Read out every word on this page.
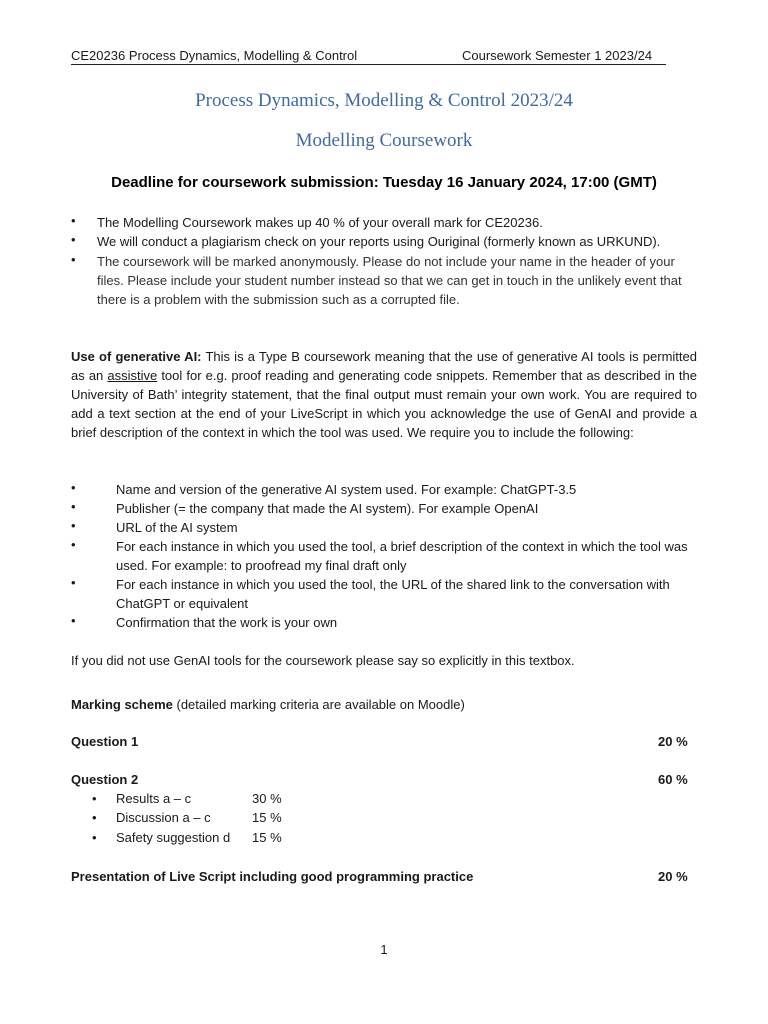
CE20236 Process Dynamics, Modelling & Control	Coursework Semester 1 2023/24
Process Dynamics, Modelling & Control 2023/24
Modelling Coursework
Deadline for coursework submission: Tuesday 16 January 2024, 17:00 (GMT)
• The Modelling Coursework makes up 40 % of your overall mark for CE20236.
• We will conduct a plagiarism check on your reports using Ouriginal (formerly known as URKUND).
• The coursework will be marked anonymously. Please do not include your name in the header of your files. Please include your student number instead so that we can get in touch in the unlikely event that there is a problem with the submission such as a corrupted file.
Use of generative AI: This is a Type B coursework meaning that the use of generative AI tools is permitted as an assistive tool for e.g. proof reading and generating code snippets. Remember that as described in the University of Bath’ integrity statement, that the final output must remain your own work. You are required to add a text section at the end of your LiveScript in which you acknowledge the use of GenAI and provide a brief description of the context in which the tool was used. We require you to include the following:
•	Name and version of the generative AI system used. For example: ChatGPT-3.5
•	Publisher (= the company that made the AI system). For example OpenAI
•	URL of the AI system
•	For each instance in which you used the tool, a brief description of the context in which the tool was used. For example: to proofread my final draft only
•	For each instance in which you used the tool, the URL of the shared link to the conversation with ChatGPT or equivalent
•	Confirmation that the work is your own
If you did not use GenAI tools for the coursework please say so explicitly in this textbox.
Marking scheme (detailed marking criteria are available on Moodle)
Question 1	20 %
Question 2	60 %
• Results a – c	30 %
• Discussion a – c	15 %
• Safety suggestion d 15 %
Presentation of Live Script including good programming practice	20 %
1
